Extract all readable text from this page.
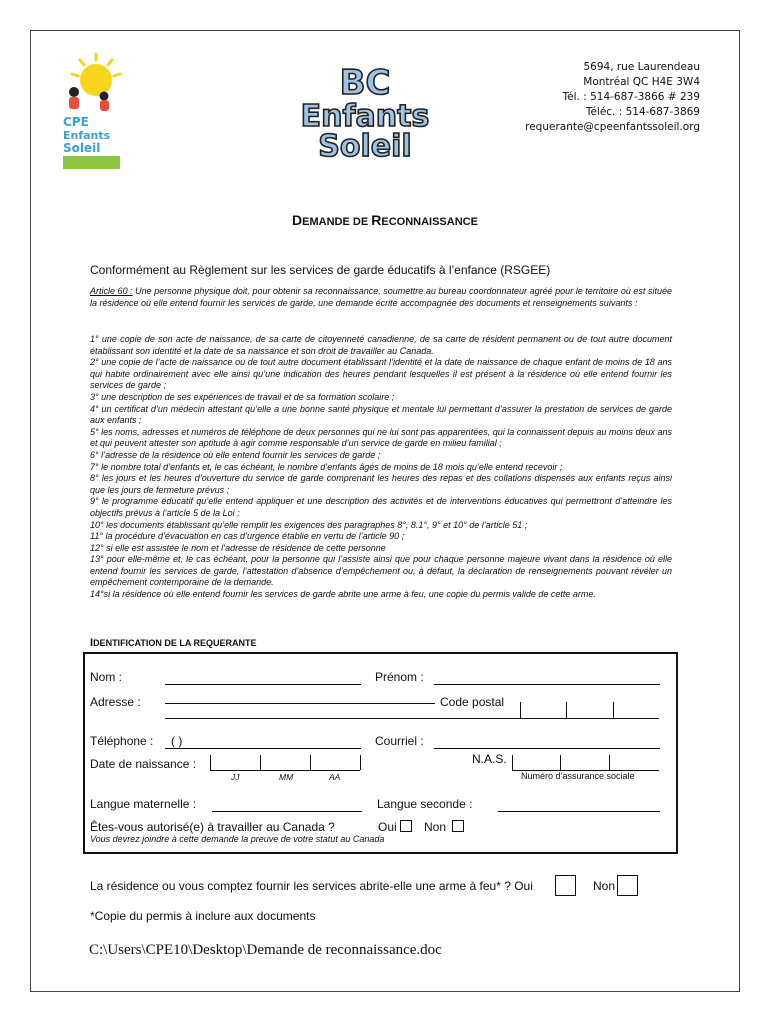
CPE
Enfants
Soleil
BC
Enfants Soleil
5694, rue Laurendeau
Montréal QC H4E 3W4
Tél. : 514-687-3866 # 239
Téléc. : 514-687-3869
requerante@cpeenfantssoleil.org
DEMANDE DE RECONNAISSANCE
Conformément au Règlement sur les services de garde éducatifs à l’enfance (RSGEE)

Article 60 : Une personne physique doit, pour obtenir sa reconnaissance, soumettre au bureau coordonnateur agréé pour le territoire où est située la résidence où elle entend fournir les services de garde, une demande écrite accompagnée des documents et renseignements suivants :

1° une copie de son acte de naissance, de sa carte de citoyenneté canadienne, de sa carte de résident permanent ou de tout autre document établissant son identité et la date de sa naissance et son droit de travailler au Canada.

2° une copie de l’acte de naissance ou de tout autre document établissant l’identité et la date de naissance de chaque enfant de moins de 18 ans qui habite ordinairement avec elle ainsi qu’une indication des heures pendant lesquelles il est présent à la résidence où elle entend fournir les services de garde ;

3° une description de ses expériences de travail et de sa formation scolaire ;

4° un certificat d’un médecin attestant qu’elle a une bonne santé physique et mentale lui permettant d’assurer la prestation de services de garde aux enfants ;

5° les noms, adresses et numéros de téléphone de deux personnes qui ne lui sont pas apparentées, qui la connaissent depuis au moins deux ans et qui peuvent attester son aptitude à agir comme responsable d’un service de garde en milieu familial ;

6° l’adresse de la résidence où elle entend fournir les services de garde ;

7° le nombre total d’enfants et, le cas échéant, le nombre d’enfants âgés de moins de 18 mois qu’elle entend recevoir ;

8° les jours et les heures d’ouverture du service de garde comprenant les heures des repas et des collations dispensés aux enfants reçus ainsi que les jours de fermeture prévus ;

9° le programme éducatif qu’elle entend appliquer et une description des activités et de interventions éducatives qui permettront d’atteindre les objectifs prévus à l’article 5 de la Loi ;

10° les documents établissant qu’elle remplit les exigences des paragraphes 8°, 8.1°, 9° et 10° de l’article 51 ;

11° la procédure d’évacuation en cas d’urgence établie en vertu de l’article 90 ;

12° si elle est assistée le nom et l’adresse de résidence de cette personne

13° pour elle-même et, le cas échéant, pour la personne qui l’assiste ainsi que pour chaque personne majeure vivant dans la résidence où elle entend fournir les services de garde, l’attestation d’absence d’empêchement ou, à défaut, la déclaration de renseignements pouvant révéler un empêchement contemporaine de la demande.

14°si la résidence où elle entend fournir les services de garde abrite une arme à feu, une copie du permis valide de cette arme.

IDENTIFICATION DE LA REQUERANTE
Nom :	Prénom :
Adresse :	Code postal
Téléphone : ( )	Courriel :
Date de naissance :
JJ	MM	AA
N.A.S.
Numéro d’assurance sociale
Langue maternelle :	Langue seconde :
Êtes-vous autorisé(e) à travailler au Canada ?	Oui Non
Vous devrez joindre à cette demande la preuve de votre statut au Canada
La résidence ou vous comptez fournir les services abrite-elle une arme à feu* ? Oui	Non
*Copie du permis à inclure aux documents
C:\Users\CPE10\Desktop\Demande de reconnaissance.doc
